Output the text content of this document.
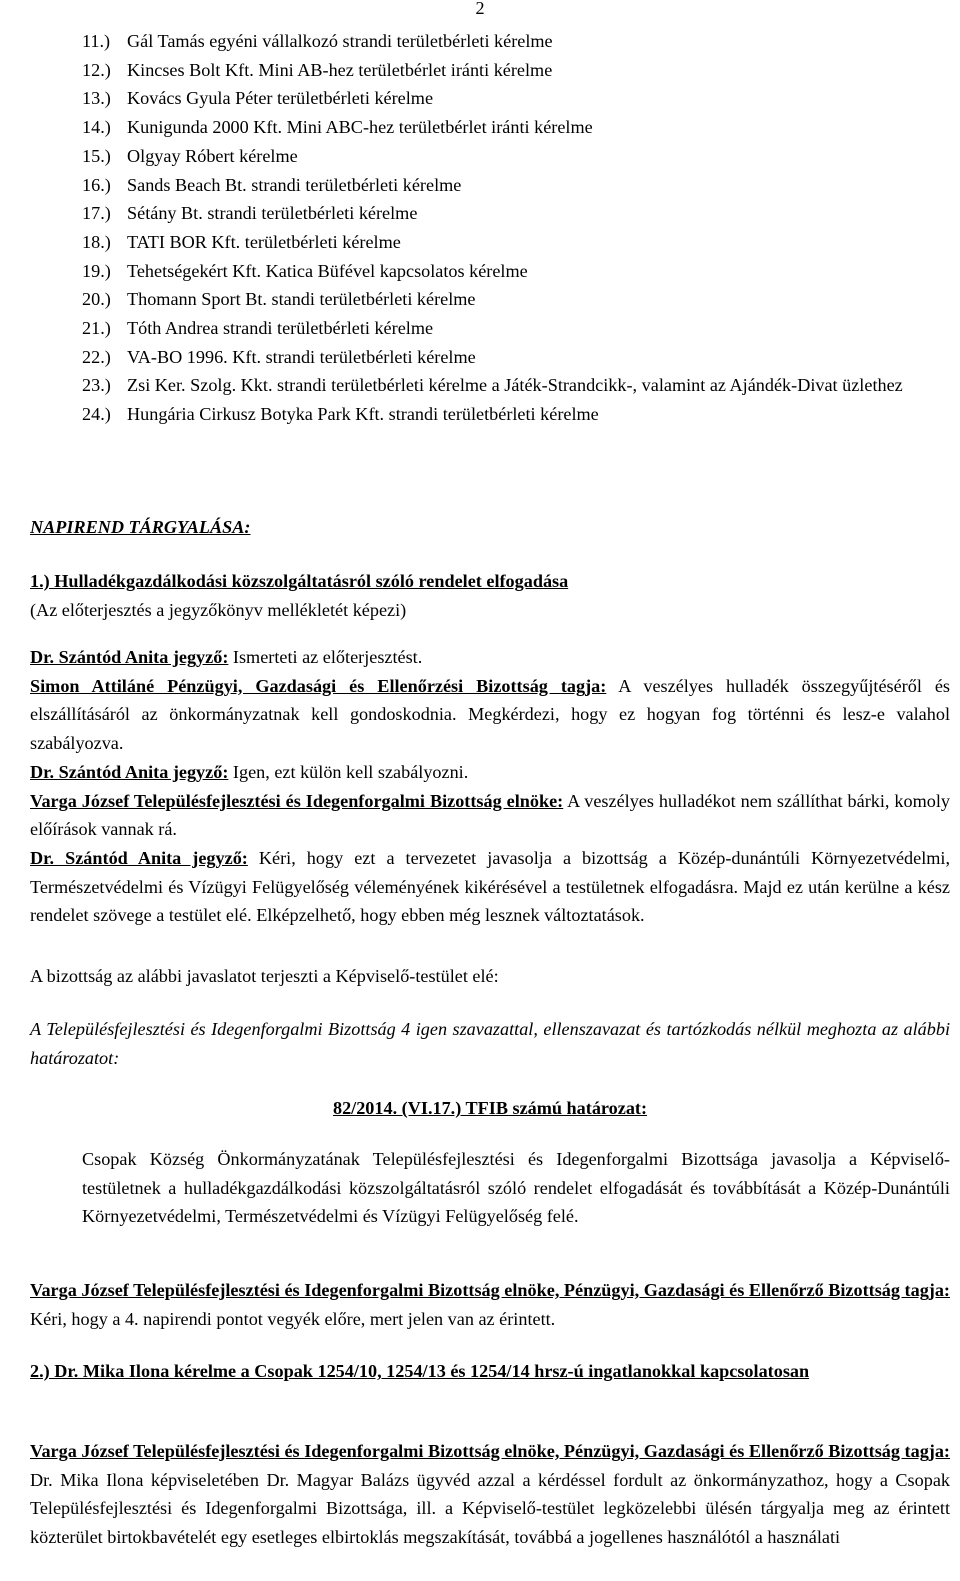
2
11.) Gál Tamás egyéni vállalkozó strandi területbérleti kérelme
12.) Kincses Bolt Kft. Mini AB-hez területbérlet iránti kérelme
13.) Kovács Gyula Péter területbérleti kérelme
14.) Kunigunda 2000 Kft. Mini ABC-hez területbérlet iránti kérelme
15.) Olgyay Róbert kérelme
16.) Sands Beach Bt. strandi területbérleti kérelme
17.) Sétány Bt. strandi területbérleti kérelme
18.) TATI BOR Kft. területbérleti kérelme
19.) Tehetségekért Kft. Katica Büfével kapcsolatos kérelme
20.) Thomann Sport Bt. standi területbérleti kérelme
21.) Tóth Andrea strandi területbérleti kérelme
22.) VA-BO 1996. Kft. strandi területbérleti kérelme
23.) Zsi Ker. Szolg. Kkt. strandi területbérleti kérelme a Játék-Strandcikk-, valamint az Ajándék-Divat üzlethez
24.) Hungária Cirkusz Botyka Park Kft. strandi területbérleti kérelme
NAPIREND TÁRGYALÁSA:
1.) Hulladékgazdálkodási közszolgáltatásról szóló rendelet elfogadása
(Az előterjesztés a jegyzőkönyv mellékletét képezi)
Dr. Szántód Anita jegyző: Ismerteti az előterjesztést.
Simon Attiláné Pénzügyi, Gazdasági és Ellenőrzési Bizottság tagja: A veszélyes hulladék összegyűjtéséről és elszállításáról az önkormányzatnak kell gondoskodnia. Megkérdezi, hogy ez hogyan fog történni és lesz-e valahol szabályozva.
Dr. Szántód Anita jegyző: Igen, ezt külön kell szabályozni.
Varga József Településfejlesztési és Idegenforgalmi Bizottság elnöke: A veszélyes hulladékot nem szállíthat bárki, komoly előírások vannak rá.
Dr. Szántód Anita jegyző: Kéri, hogy ezt a tervezetet javasolja a bizottság a Közép-dunántúli Környezetvédelmi, Természetvédelmi és Vízügyi Felügyelőség véleményének kikérésével a testületnek elfogadásra. Majd ez után kerülne a kész rendelet szövege a testület elé. Elképzelhető, hogy ebben még lesznek változtatások.
A bizottság az alábbi javaslatot terjeszti a Képviselő-testület elé:
A Településfejlesztési és Idegenforgalmi Bizottság 4 igen szavazattal, ellenszavazat és tartózkodás nélkül meghozta az alábbi határozatot:
82/2014. (VI.17.) TFIB számú határozat:
Csopak Község Önkormányzatának Településfejlesztési és Idegenforgalmi Bizottsága javasolja a Képviselő-testületnek a hulladékgazdálkodási közszolgáltatásról szóló rendelet elfogadását és továbbítását a Közép-Dunántúli Környezetvédelmi, Természetvédelmi és Vízügyi Felügyelőség felé.
Varga József Településfejlesztési és Idegenforgalmi Bizottság elnöke, Pénzügyi, Gazdasági és Ellenőrző Bizottság tagja: Kéri, hogy a 4. napirendi pontot vegyék előre, mert jelen van az érintett.
2.) Dr. Mika Ilona kérelme a Csopak 1254/10, 1254/13 és 1254/14 hrsz-ú ingatlanokkal kapcsolatosan
Varga József Településfejlesztési és Idegenforgalmi Bizottság elnöke, Pénzügyi, Gazdasági és Ellenőrző Bizottság tagja: Dr. Mika Ilona képviseletében Dr. Magyar Balázs ügyvéd azzal a kérdéssel fordult az önkormányzathoz, hogy a Csopak Településfejlesztési és Idegenforgalmi Bizottsága, ill. a Képviselő-testület legközelebbi ülésén tárgyalja meg az érintett közterület birtokbavételét egy esetleges elbirtoklás megszakítását, továbbá a jogellenes használótól a használati
